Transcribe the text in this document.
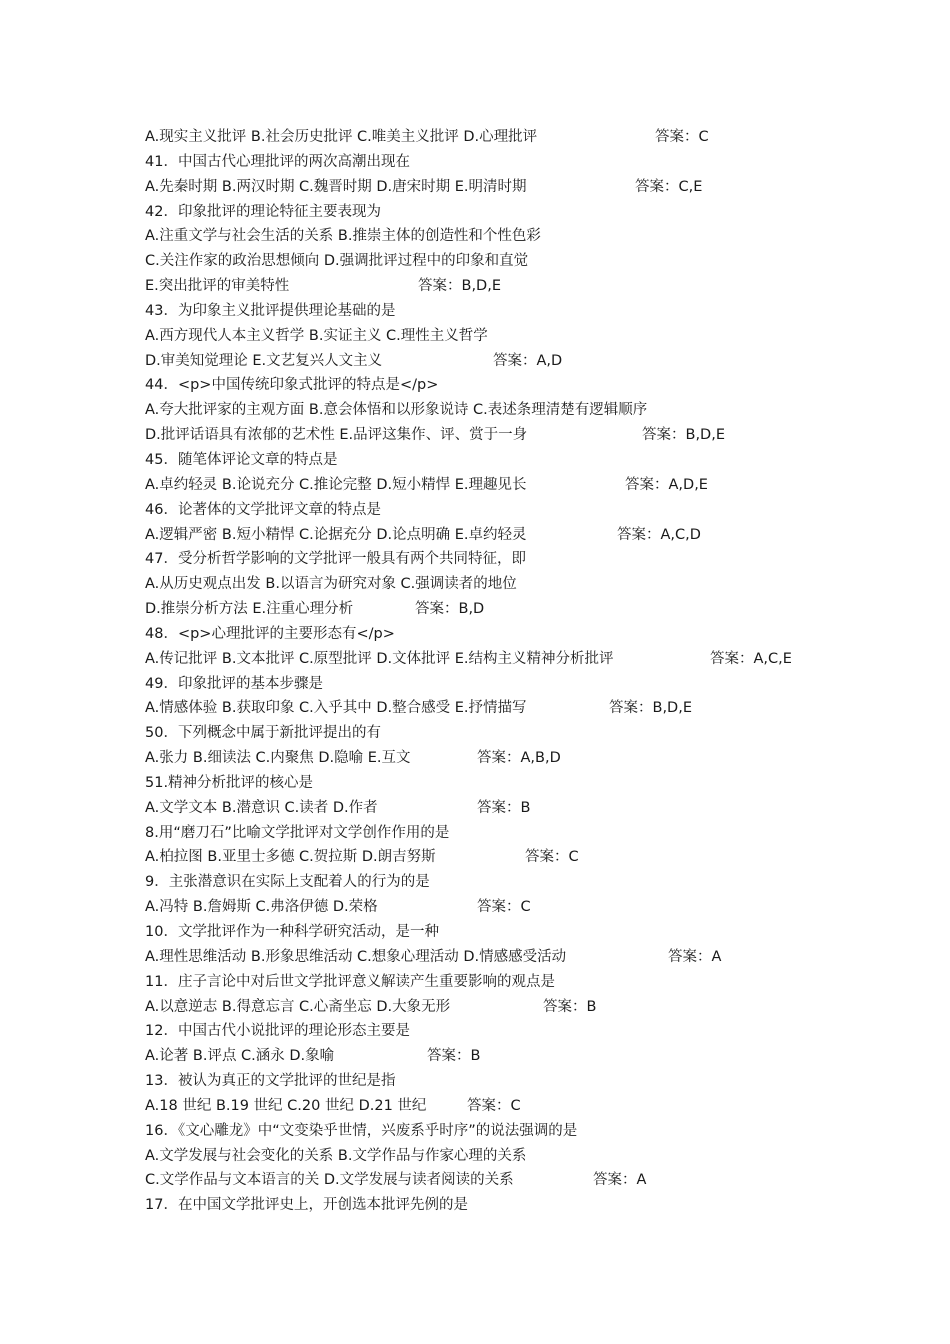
A.现实主义批评 B.社会历史批评 C.唯美主义批评 D.心理批评	答案：C
41．中国古代心理批评的两次高潮出现在
A.先秦时期 B.两汉时期 C.魏晋时期 D.唐宋时期 E.明清时期	答案：C,E
42．印象批评的理论特征主要表现为
A.注重文学与社会生活的关系 B.推崇主体的创造性和个性色彩
C.关注作家的政治思想倾向 D.强调批评过程中的印象和直觉
E.突出批评的审美特性	答案：B,D,E
43．为印象主义批评提供理论基础的是
A.西方现代人本主义哲学 B.实证主义 C.理性主义哲学
D.审美知觉理论 E.文艺复兴人文主义	答案：A,D
44．<p>中国传统印象式批评的特点是</p>
A.夸大批评家的主观方面 B.意会体悟和以形象说诗 C.表述条理清楚有逻辑顺序
D.批评话语具有浓郁的艺术性 E.品评这集作、评、赏于一身	答案：B,D,E
45．随笔体评论文章的特点是
A.卓约轻灵 B.论说充分 C.推论完整 D.短小精悍 E.理趣见长	答案：A,D,E
46．论著体的文学批评文章的特点是
A.逻辑严密 B.短小精悍 C.论据充分 D.论点明确 E.卓约轻灵	答案：A,C,D
47．受分析哲学影响的文学批评一般具有两个共同特征，即
A.从历史观点出发 B.以语言为研究对象 C.强调读者的地位
D.推崇分析方法 E.注重心理分析	答案：B,D
48．<p>心理批评的主要形态有</p>
A.传记批评 B.文本批评 C.原型批评 D.文体批评 E.结构主义精神分析批评	答案：A,C,E
49．印象批评的基本步骤是
A.情感体验 B.获取印象 C.入乎其中 D.整合感受 E.抒情描写	答案：B,D,E
50．下列概念中属于新批评提出的有
A.张力 B.细读法 C.内聚焦 D.隐喻 E.互文	答案：A,B,D
51.精神分析批评的核心是
A.文学文本 B.潜意识 C.读者 D.作者	答案：B
8.用“磨刀石”比喻文学批评对文学创作作用的是
A.柏拉图 B.亚里士多德 C.贺拉斯 D.朗吉努斯	答案：C
9．主张潜意识在实际上支配着人的行为的是
A.冯特 B.詹姆斯 C.弗洛伊德 D.荣格	答案：C
10．文学批评作为一种科学研究活动，是一种
A.理性思维活动 B.形象思维活动 C.想象心理活动 D.情感感受活动	答案：A
11．庄子言论中对后世文学批评意义解读产生重要影响的观点是
A.以意逆志 B.得意忘言 C.心斋坐忘 D.大象无形	答案：B
12．中国古代小说批评的理论形态主要是
A.论著 B.评点 C.涵永 D.象喻	答案：B
13．被认为真正的文学批评的世纪是指
A.18 世纪 B.19 世纪 C.20 世纪 D.21 世纪	答案：C
16．《文心雕龙》中“文变染乎世情，兴废系乎时序”的说法强调的是
A.文学发展与社会变化的关系 B.文学作品与作家心理的关系
C.文学作品与文本语言的关 D.文学发展与读者阅读的关系	答案：A
17．在中国文学批评史上，开创选本批评先例的是
